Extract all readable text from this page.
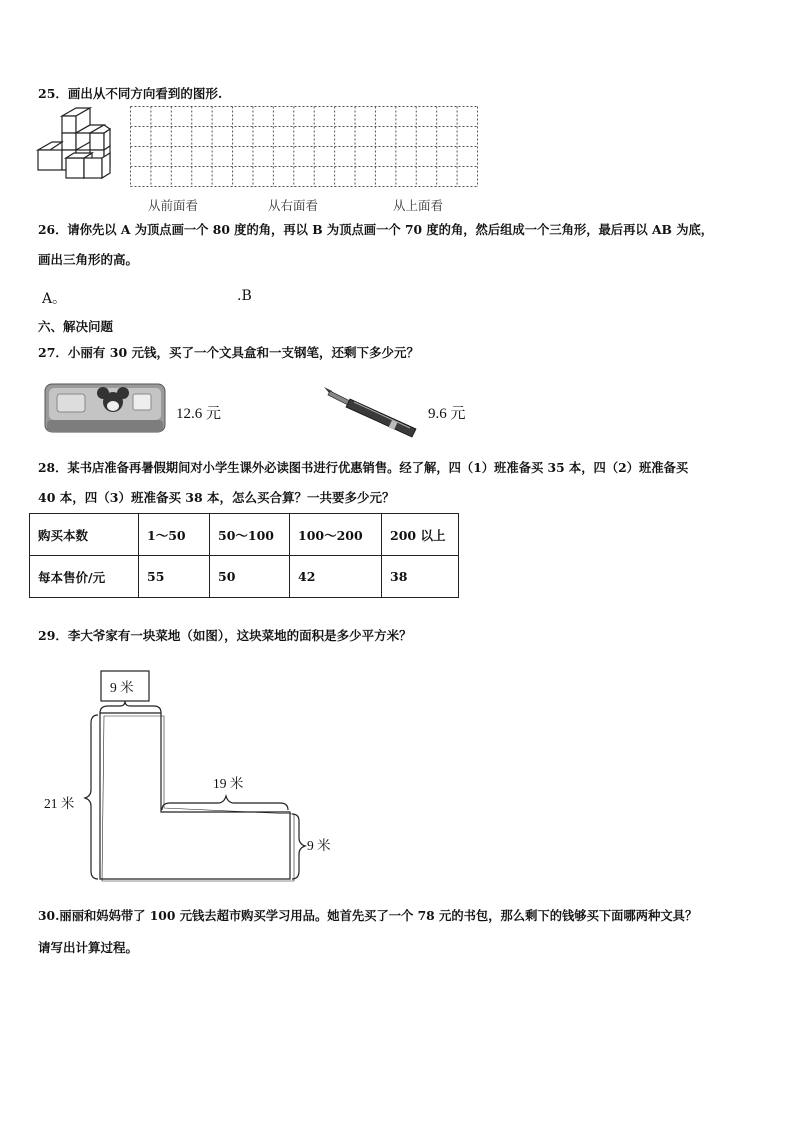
25．画出从不同方向看到的图形.
从前面看	从右面看	从上面看
26．请你先以 A 为顶点画一个 80 度的角，再以 B 为顶点画一个 70 度的角，然后组成一个三角形，最后再以 AB 为底，
画出三角形的高。
A。	.B
六、解决问题
27．小丽有 30 元钱，买了一个文具盒和一支钢笔，还剩下多少元？
12.6 元	9.6 元
28．某书店准备再暑假期间对小学生课外必读图书进行优惠销售。经了解，四（1）班准备买 35 本，四（2）班准备买
40 本，四（3）班准备买 38 本，怎么买合算？一共要多少元？
购买本数	1～50	50～100	100～200	200 以上
每本售价/元	55	50	42	38
29．李大爷家有一块菜地（如图），这块菜地的面积是多少平方米？
9 米
21 米
19 米
9 米
30.丽丽和妈妈带了 100 元钱去超市购买学习用品。她首先买了一个 78 元的书包，那么剩下的钱够买下面哪两种文具？
请写出计算过程。
